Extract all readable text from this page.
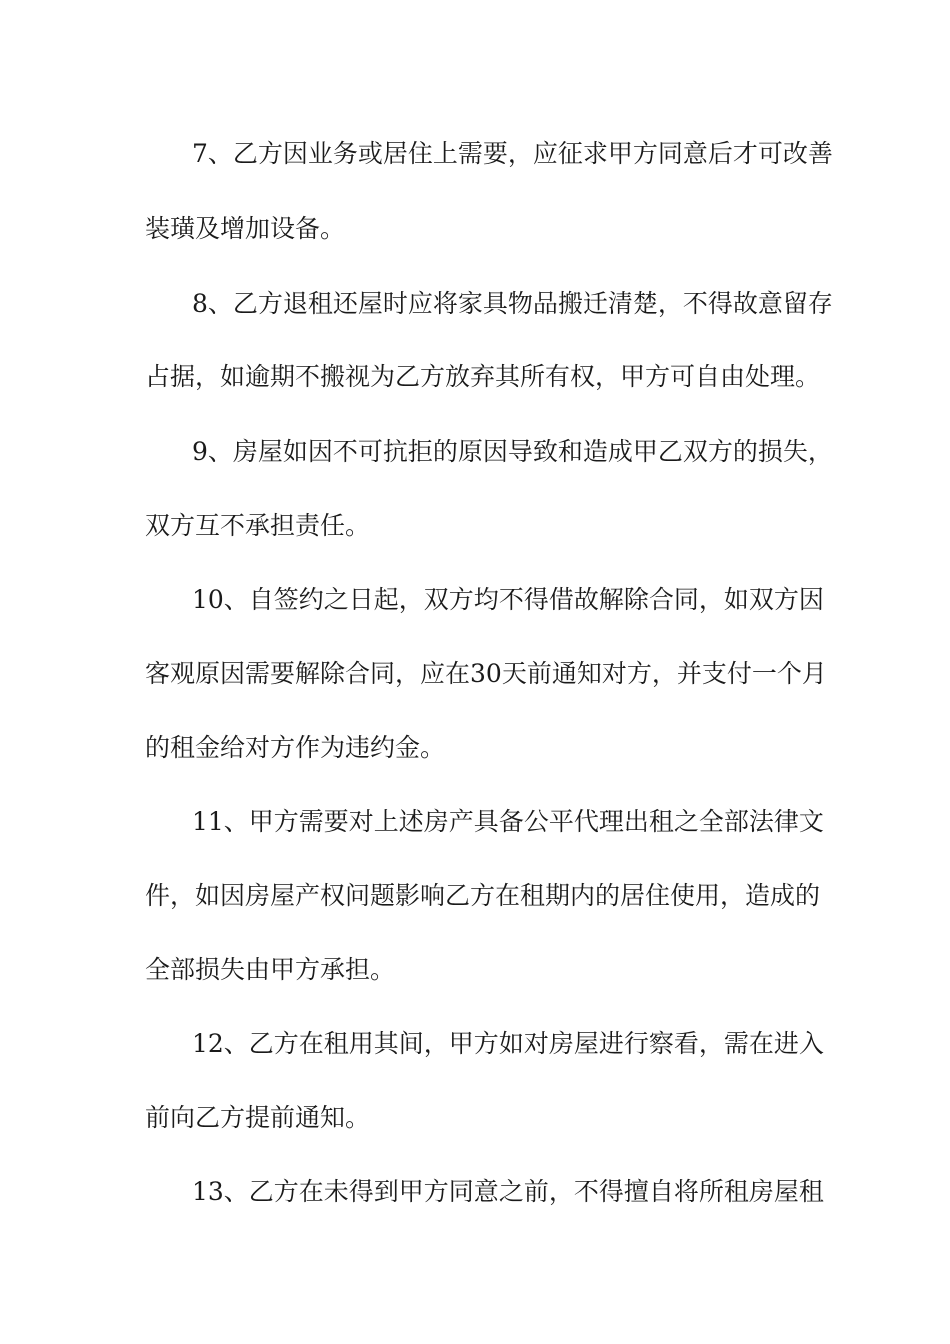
7、乙方因业务或居住上需要，应征求甲方同意后才可改善

装璜及增加设备。

8、乙方退租还屋时应将家具物品搬迁清楚，不得故意留存

占据，如逾期不搬视为乙方放弃其所有权，甲方可自由处理。

9、房屋如因不可抗拒的原因导致和造成甲乙双方的损失，

双方互不承担责任。

10、自签约之日起，双方均不得借故解除合同，如双方因

客观原因需要解除合同，应在30天前通知对方，并支付一个月

的租金给对方作为违约金。

11、甲方需要对上述房产具备公平代理出租之全部法律文

件，如因房屋产权问题影响乙方在租期内的居住使用，造成的

全部损失由甲方承担。

12、乙方在租用其间，甲方如对房屋进行察看，需在进入

前向乙方提前通知。

13、乙方在未得到甲方同意之前，不得擅自将所租房屋租
